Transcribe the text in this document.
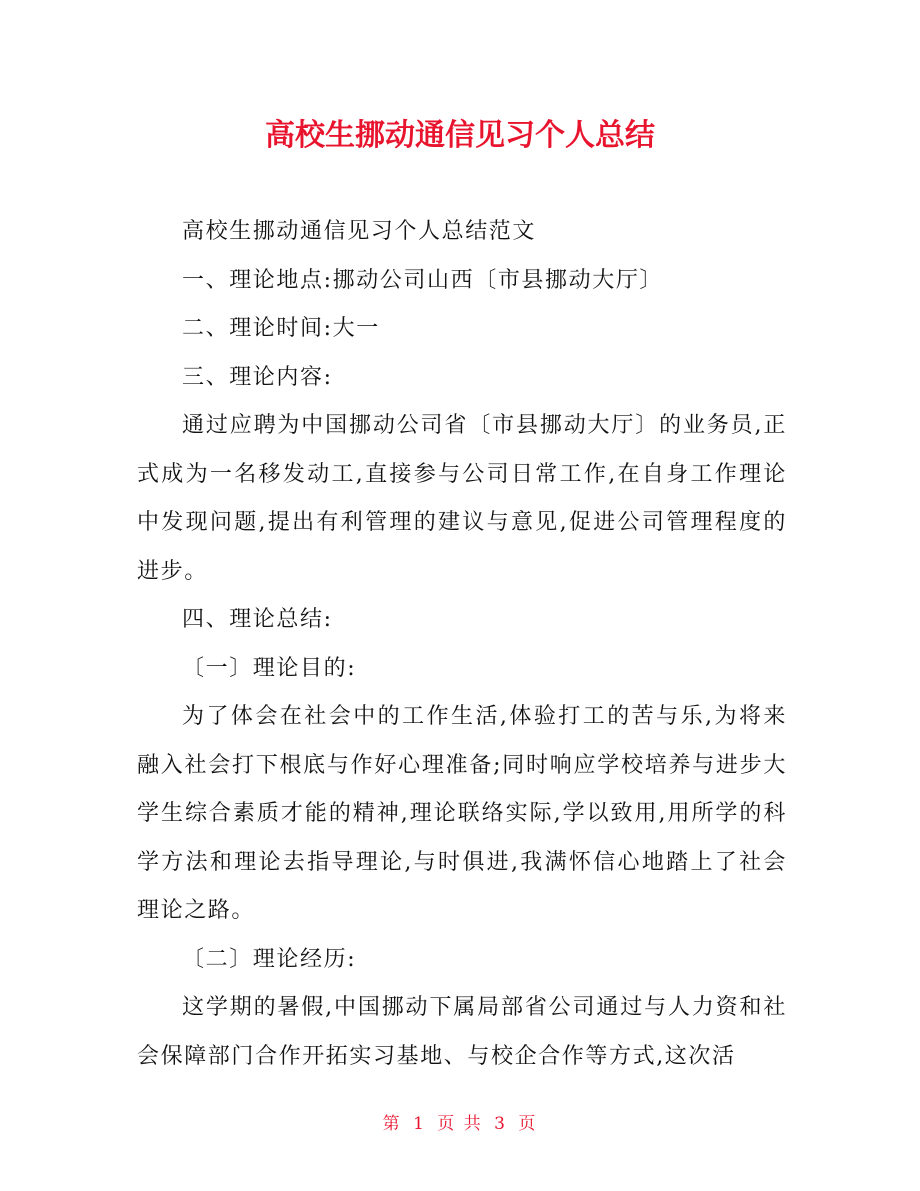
高校生挪动通信见习个人总结

高校生挪动通信见习个人总结范文

一、理论地点:挪动公司山西〔市县挪动大厅〕

二、理论时间:大一

三、理论内容:

通过应聘为中国挪动公司省〔市县挪动大厅〕的业务员,正式成为一名移发动工,直接参与公司日常工作,在自身工作理论中发现问题,提出有利管理的建议与意见,促进公司管理程度的进步。

四、理论总结:

〔一〕理论目的:

为了体会在社会中的工作生活,体验打工的苦与乐,为将来融入社会打下根底与作好心理准备;同时响应学校培养与进步大学生综合素质才能的精神,理论联络实际,学以致用,用所学的科学方法和理论去指导理论,与时俱进,我满怀信心地踏上了社会理论之路。

〔二〕理论经历:

这学期的暑假,中国挪动下属局部省公司通过与人力资和社会保障部门合作开拓实习基地、与校企合作等方式,这次活

第 1 页 共 3 页
